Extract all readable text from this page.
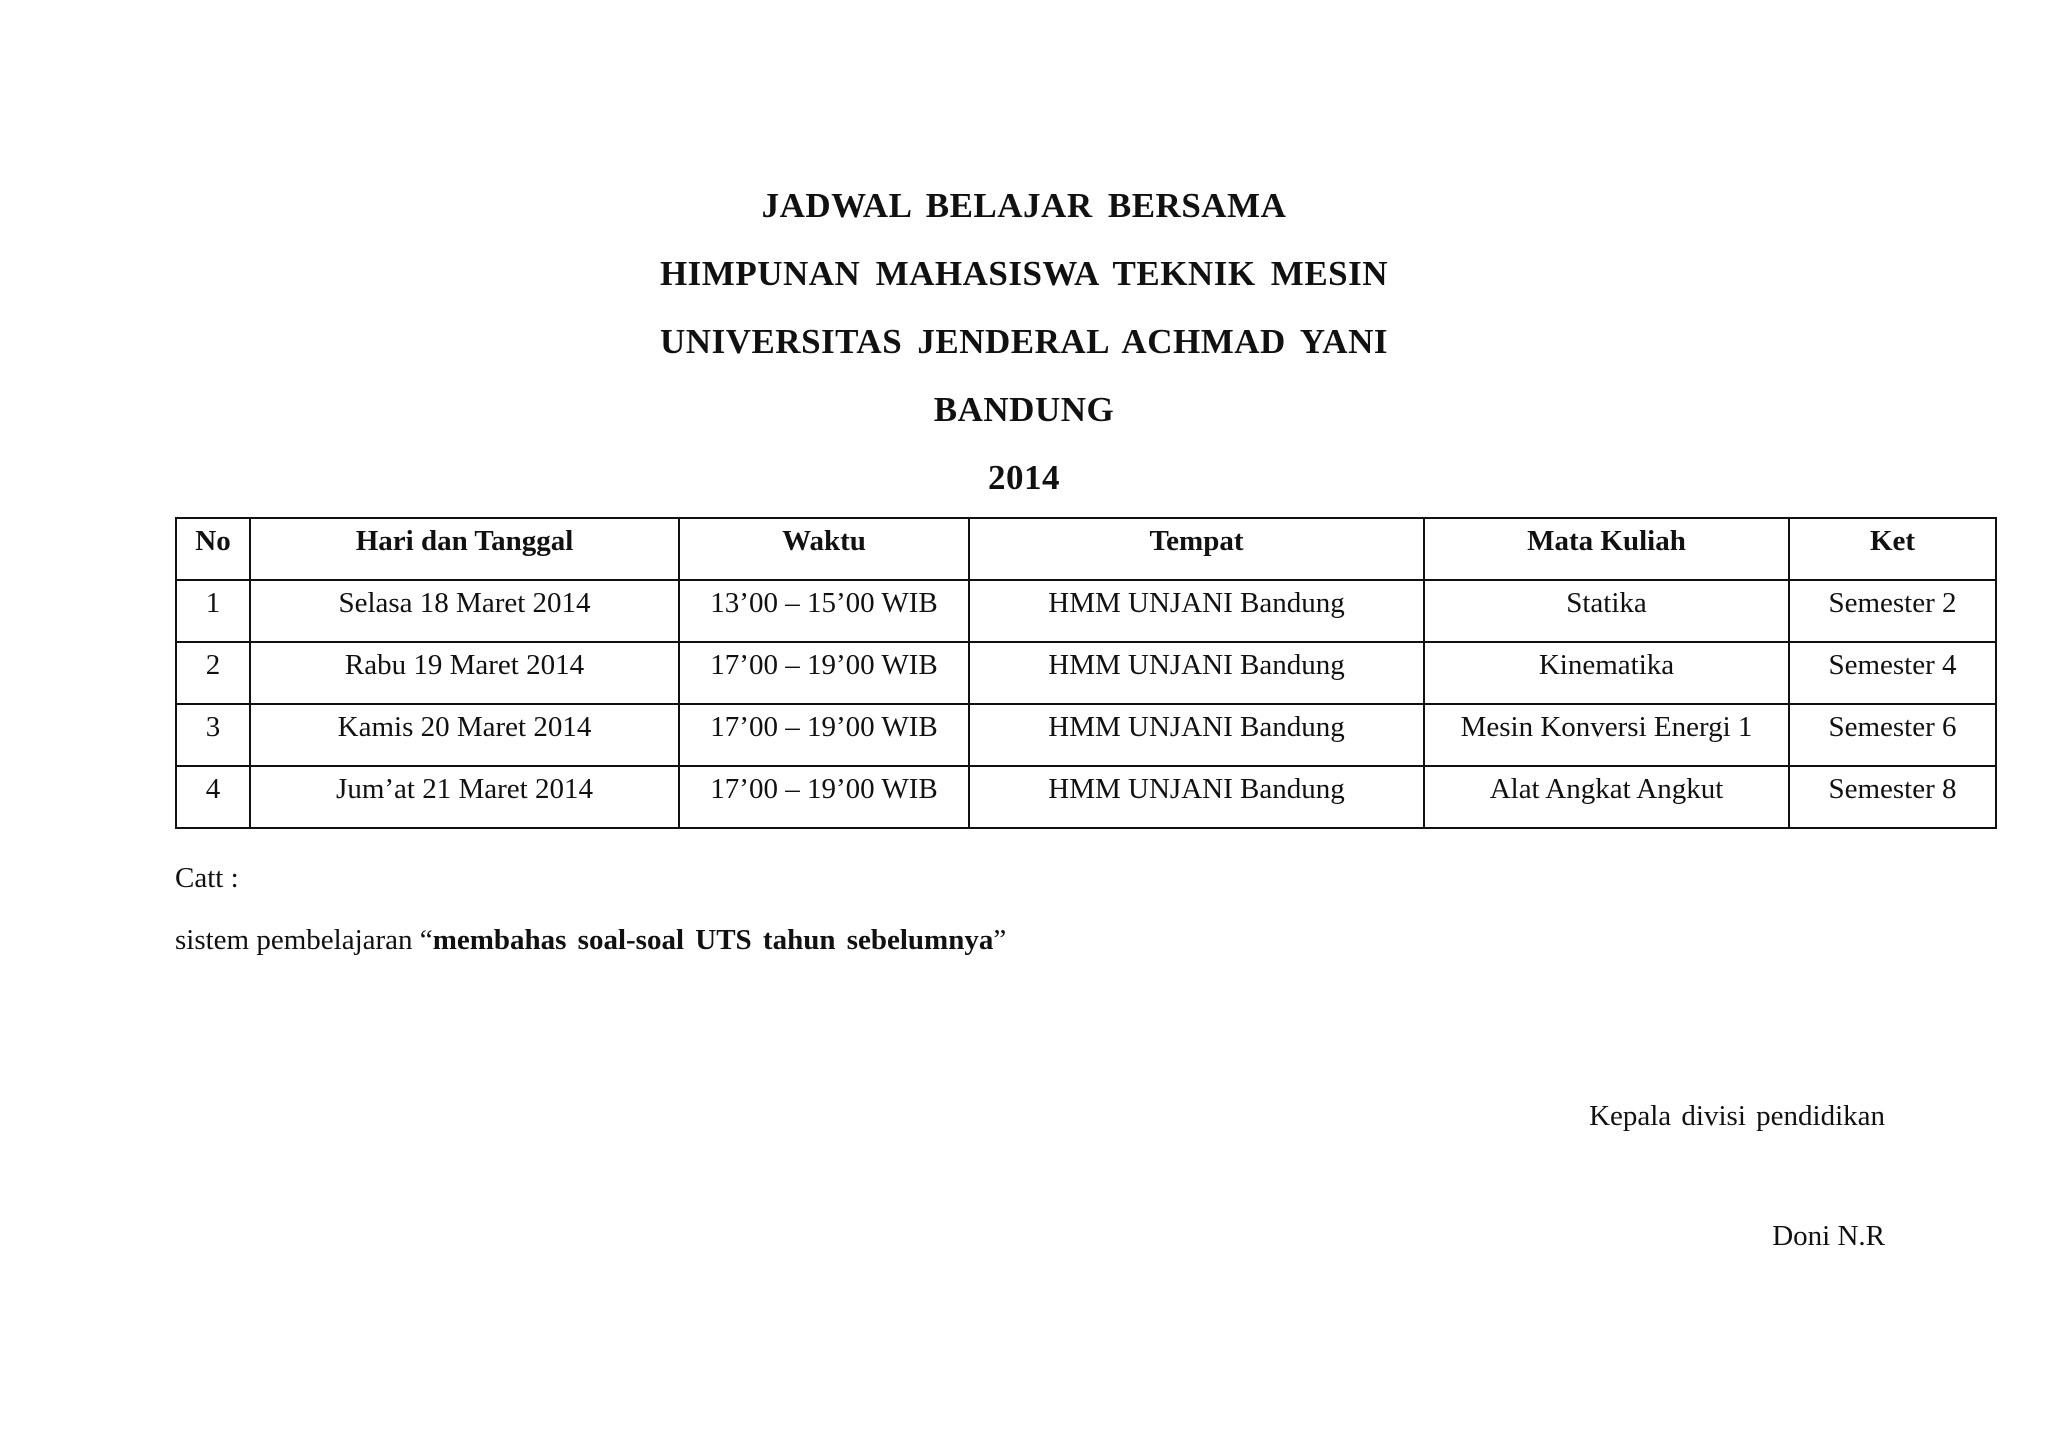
JADWAL BELAJAR BERSAMA
HIMPUNAN MAHASISWA TEKNIK MESIN
UNIVERSITAS JENDERAL ACHMAD YANI
BANDUNG
2014
No	Hari dan Tanggal	Waktu	Tempat	Mata Kuliah	Ket
1	Selasa 18 Maret 2014	13’00 – 15’00 WIB	HMM UNJANI Bandung	Statika	Semester 2
2	Rabu 19 Maret 2014	17’00 – 19’00 WIB	HMM UNJANI Bandung	Kinematika	Semester 4
3	Kamis 20 Maret 2014	17’00 – 19’00 WIB	HMM UNJANI Bandung	Mesin Konversi Energi 1	Semester 6
4	Jum’at 21 Maret 2014	17’00 – 19’00 WIB	HMM UNJANI Bandung	Alat Angkat Angkut	Semester 8
Catt :
sistem pembelajaran “membahas soal-soal UTS tahun sebelumnya”
Kepala divisi pendidikan
Doni N.R
